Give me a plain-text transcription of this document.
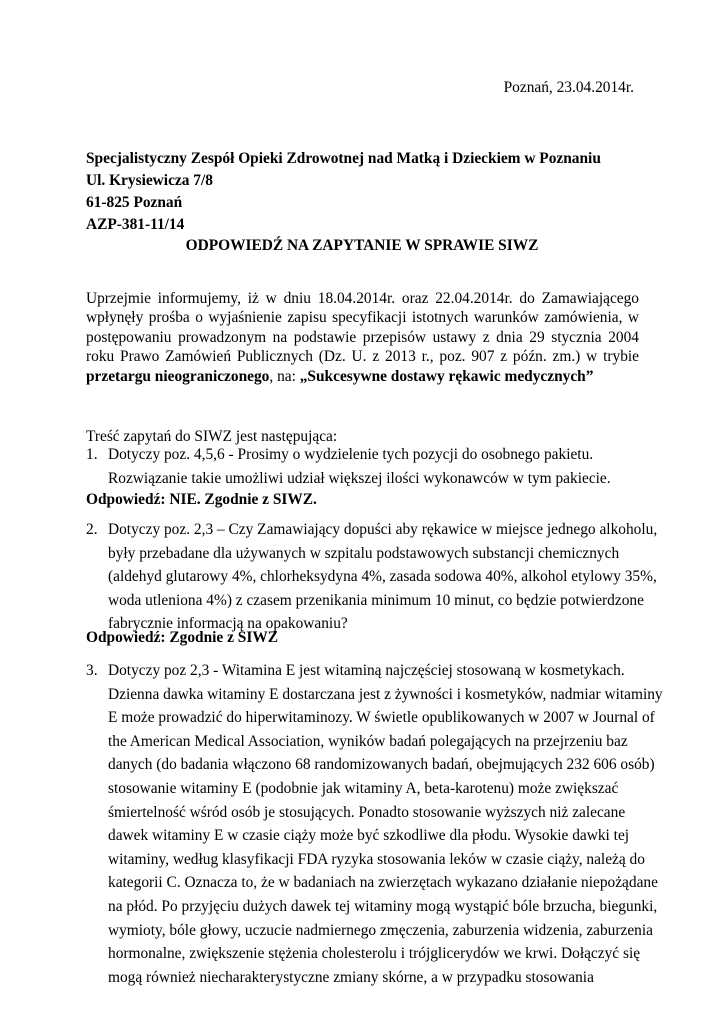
Poznań, 23.04.2014r.
Specjalistyczny Zespół Opieki Zdrowotnej nad Matką i Dzieckiem w Poznaniu
Ul. Krysiewicza 7/8
61-825 Poznań
AZP-381-11/14
ODPOWIEDŹ NA ZAPYTANIE W SPRAWIE SIWZ
Uprzejmie informujemy, iż w dniu 18.04.2014r. oraz 22.04.2014r. do Zamawiającego wpłynęły prośba o wyjaśnienie zapisu specyfikacji istotnych warunków zamówienia, w postępowaniu prowadzonym na podstawie przepisów ustawy z dnia 29 stycznia 2004 roku Prawo Zamówień Publicznych (Dz. U. z 2013 r., poz. 907 z późn. zm.) w trybie przetargu nieograniczonego, na: „Sukcesywne dostawy rękawic medycznych”
Treść zapytań do SIWZ jest następująca:
1. Dotyczy poz. 4,5,6 - Prosimy o wydzielenie tych pozycji do osobnego pakietu.
Rozwiązanie takie umożliwi udział większej ilości wykonawców w tym pakiecie.
Odpowiedź: NIE. Zgodnie z SIWZ.
2. Dotyczy poz. 2,3 – Czy Zamawiający dopuści aby rękawice w miejsce jednego alkoholu,
były przebadane dla używanych w szpitalu podstawowych substancji chemicznych
(aldehyd glutarowy 4%, chlorheksydyna 4%, zasada sodowa 40%, alkohol etylowy 35%,
woda utleniona 4%) z czasem przenikania minimum 10 minut, co będzie potwierdzone
fabrycznie informacją na opakowaniu?
Odpowiedź: Zgodnie z SIWZ
3. Dotyczy poz 2,3 - Witamina E jest witaminą najczęściej stosowaną w kosmetykach.
Dzienna dawka witaminy E dostarczana jest z żywności i kosmetyków, nadmiar witaminy
E może prowadzić do hiperwitaminozy. W świetle opublikowanych w 2007 w Journal of
the American Medical Association, wyników badań polegających na przejrzeniu baz
danych (do badania włączono 68 randomizowanych badań, obejmujących 232 606 osób)
stosowanie witaminy E (podobnie jak witaminy A, beta-karotenu) może zwiększać
śmiertelność wśród osób je stosujących. Ponadto stosowanie wyższych niż zalecane
dawek witaminy E w czasie ciąży może być szkodliwe dla płodu. Wysokie dawki tej
witaminy, według klasyfikacji FDA ryzyka stosowania leków w czasie ciąży, należą do
kategorii C. Oznacza to, że w badaniach na zwierzętach wykazano działanie niepożądane
na płód. Po przyjęciu dużych dawek tej witaminy mogą wystąpić bóle brzucha, biegunki,
wymioty, bóle głowy, uczucie nadmiernego zmęczenia, zaburzenia widzenia, zaburzenia
hormonalne, zwiększenie stężenia cholesterolu i trójglicerydów we krwi. Dołączyć się
mogą również niecharakterystyczne zmiany skórne, a w przypadku stosowania
